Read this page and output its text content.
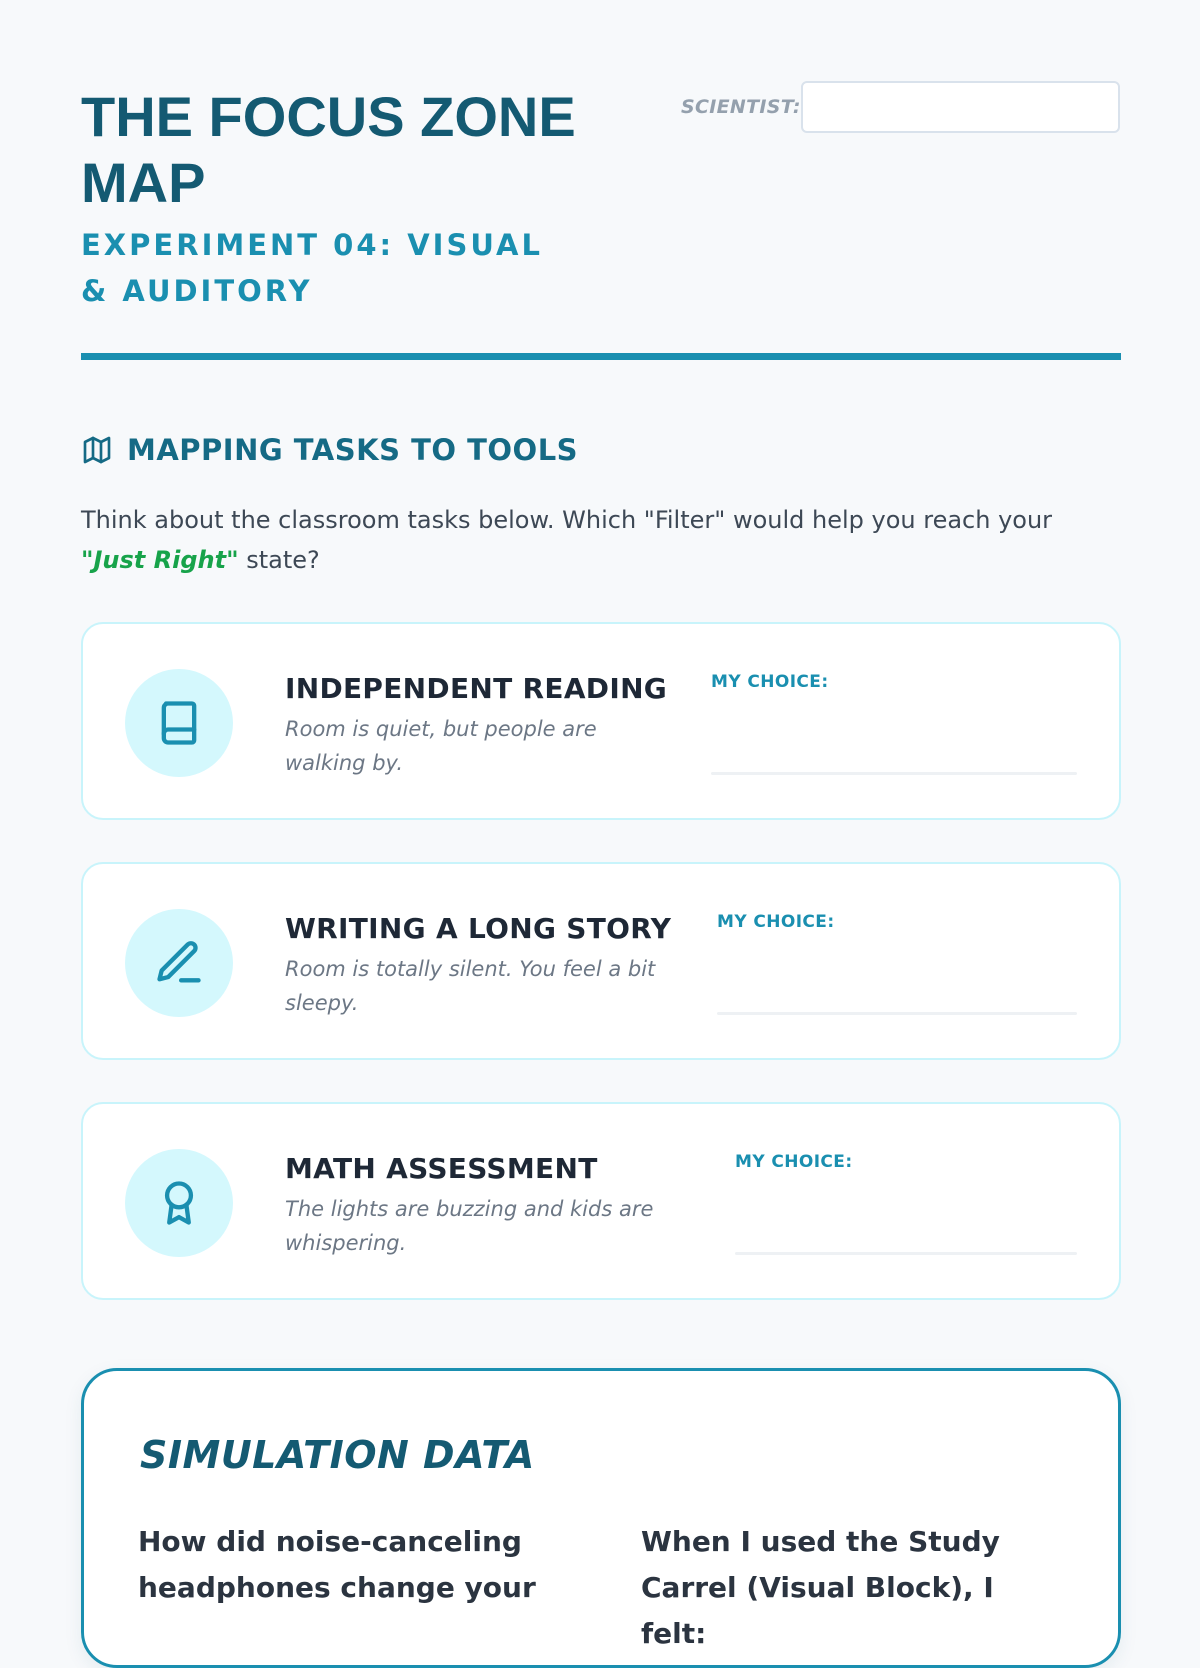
THE FOCUS ZONE MAP
EXPERIMENT 04: VISUAL & AUDITORY
SCIENTIST:
MAPPING TASKS TO TOOLS

Think about the classroom tasks below. Which "Filter" would help you reach your "Just Right" state?

INDEPENDENT READING
Room is quiet, but people are walking by.
MY CHOICE:
WRITING A LONG STORY
Room is totally silent. You feel a bit sleepy.
MY CHOICE:
MATH ASSESSMENT
The lights are buzzing and kids are whispering.
MY CHOICE:
SIMULATION DATA
How did noise-canceling headphones change your
When I used the Study Carrel (Visual Block), I felt:
